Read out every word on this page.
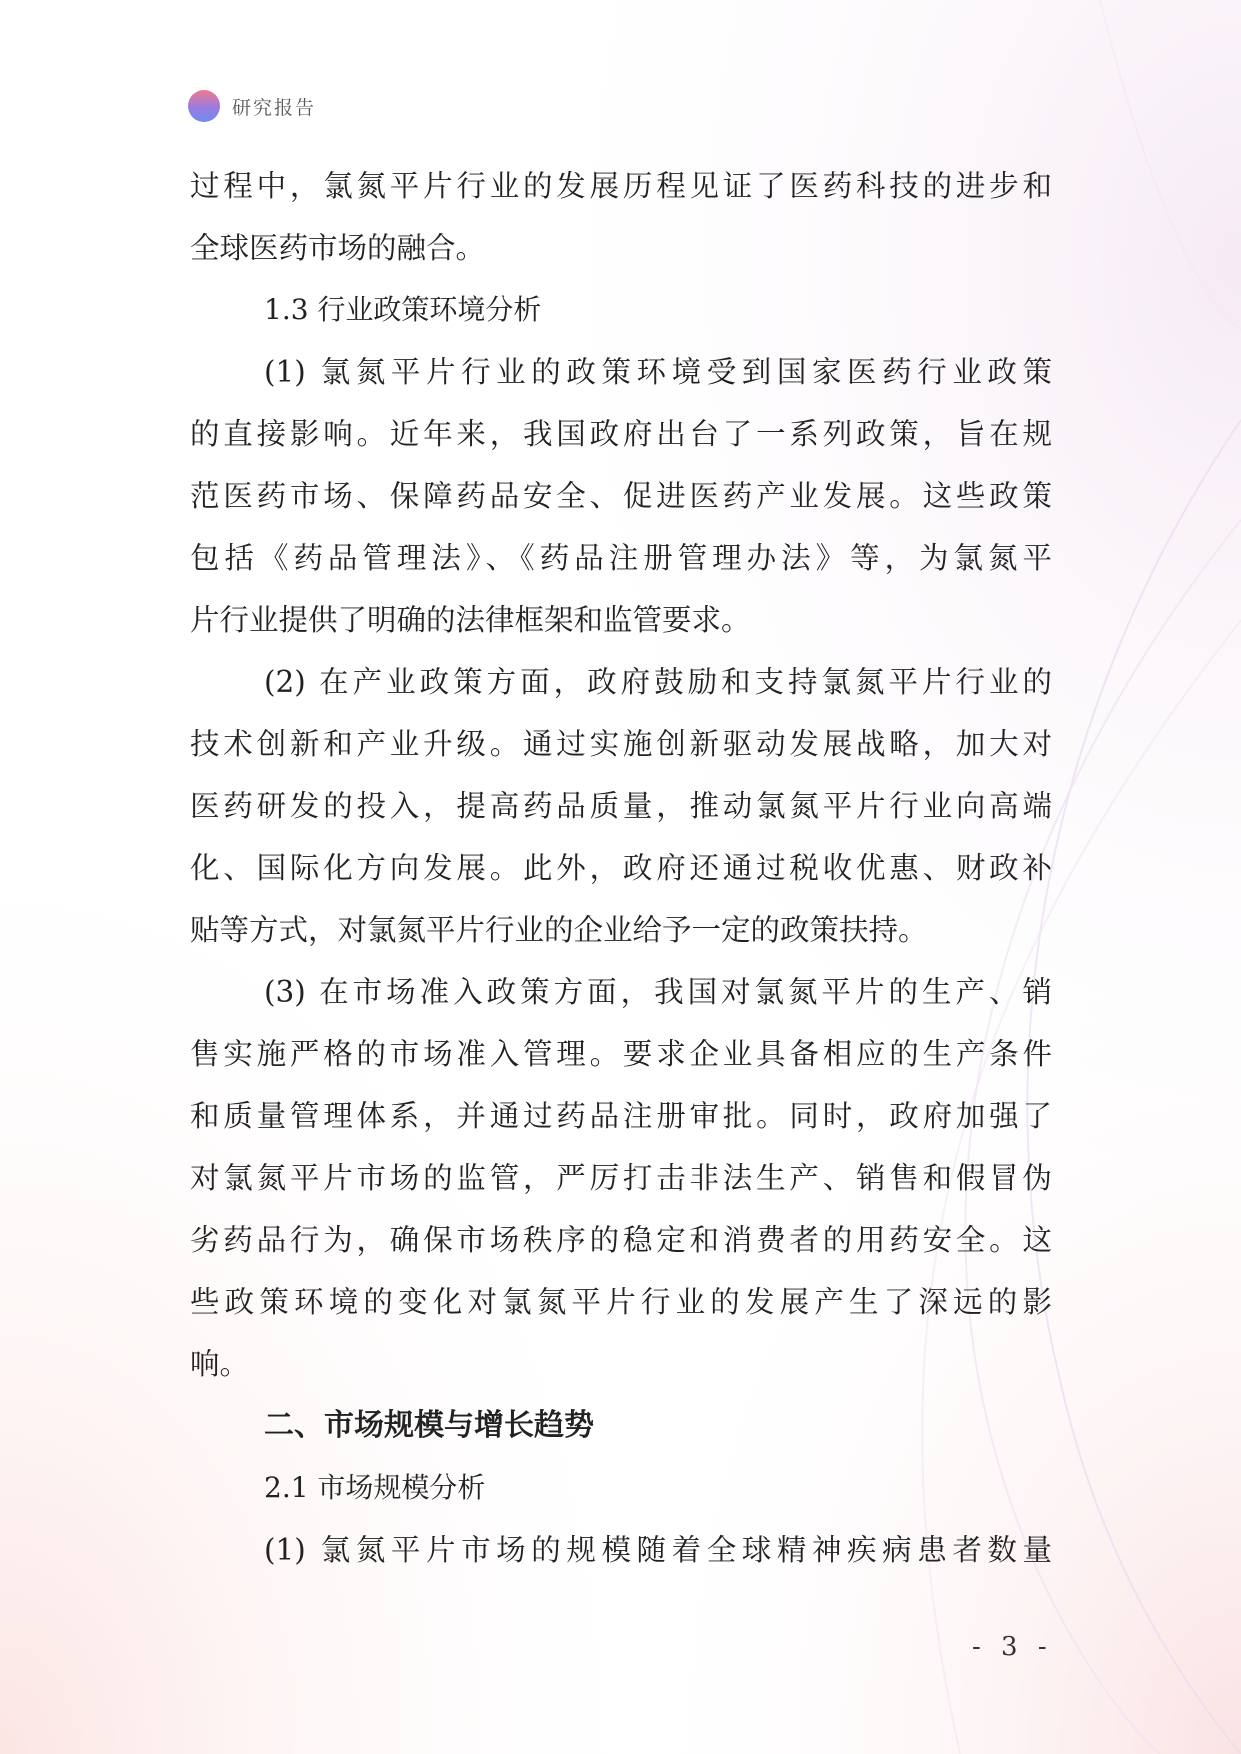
研究报告
过程中，氯氮平片行业的发展历程见证了医药科技的进步和
全球医药市场的融合。
1.3 行业政策环境分析
(1) 氯氮平片行业的政策环境受到国家医药行业政策
的直接影响。近年来，我国政府出台了一系列政策，旨在规
范医药市场、保障药品安全、促进医药产业发展。这些政策
包括《药品管理法》、《药品注册管理办法》等，为氯氮平
片行业提供了明确的法律框架和监管要求。
(2) 在产业政策方面，政府鼓励和支持氯氮平片行业的
技术创新和产业升级。通过实施创新驱动发展战略，加大对
医药研发的投入，提高药品质量，推动氯氮平片行业向高端
化、国际化方向发展。此外，政府还通过税收优惠、财政补
贴等方式，对氯氮平片行业的企业给予一定的政策扶持。
(3) 在市场准入政策方面，我国对氯氮平片的生产、销
售实施严格的市场准入管理。要求企业具备相应的生产条件
和质量管理体系，并通过药品注册审批。同时，政府加强了
对氯氮平片市场的监管，严厉打击非法生产、销售和假冒伪
劣药品行为，确保市场秩序的稳定和消费者的用药安全。这
些政策环境的变化对氯氮平片行业的发展产生了深远的影
响。
二、市场规模与增长趋势
2.1 市场规模分析
(1) 氯氮平片市场的规模随着全球精神疾病患者数量
- 3 -
